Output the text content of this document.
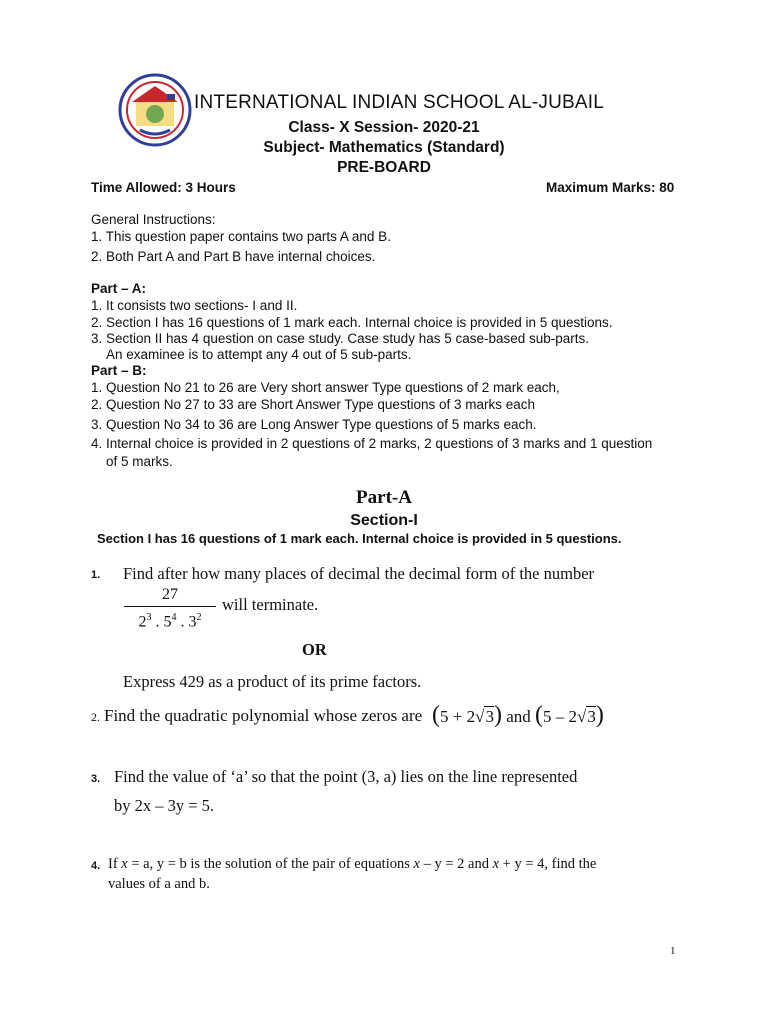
INTERNATIONAL INDIAN SCHOOL AL-JUBAIL
Class- X Session- 2020-21
Subject- Mathematics (Standard)
PRE-BOARD
Time Allowed: 3 Hours	Maximum Marks: 80
General Instructions:
1. This question paper contains two parts A and B.
2. Both Part A and Part B have internal choices.
Part – A:
1. It consists two sections- I and II.
2. Section I has 16 questions of 1 mark each. Internal choice is provided in 5 questions.
3. Section II has 4 question on case study. Case study has 5 case-based sub-parts.
An examinee is to attempt any 4 out of 5 sub-parts.
Part – B:
1. Question No 21 to 26 are Very short answer Type questions of 2 mark each,
2. Question No 27 to 33 are Short Answer Type questions of 3 marks each
3. Question No 34 to 36 are Long Answer Type questions of 5 marks each.
4. Internal choice is provided in 2 questions of 2 marks, 2 questions of 3 marks and 1 question
of 5 marks.
Part-A
Section-I
Section I has 16 questions of 1 mark each. Internal choice is provided in 5 questions.
1. Find after how many places of decimal the decimal form of the number
27
$2^3$ . $5^4$ . $3^2$
will terminate.
OR
Express 429 as a product of its prime factors.
2. Find the quadratic polynomial whose zeros are (5 + 2√3) and (5 – 2√3)
3. Find the value of ‘a’ so that the point (3, a) lies on the line represented
by 2x – 3y = 5.
4. If x = a, y = b is the solution of the pair of equations x – y = 2 and x + y = 4, find the
values of a and b.
1
